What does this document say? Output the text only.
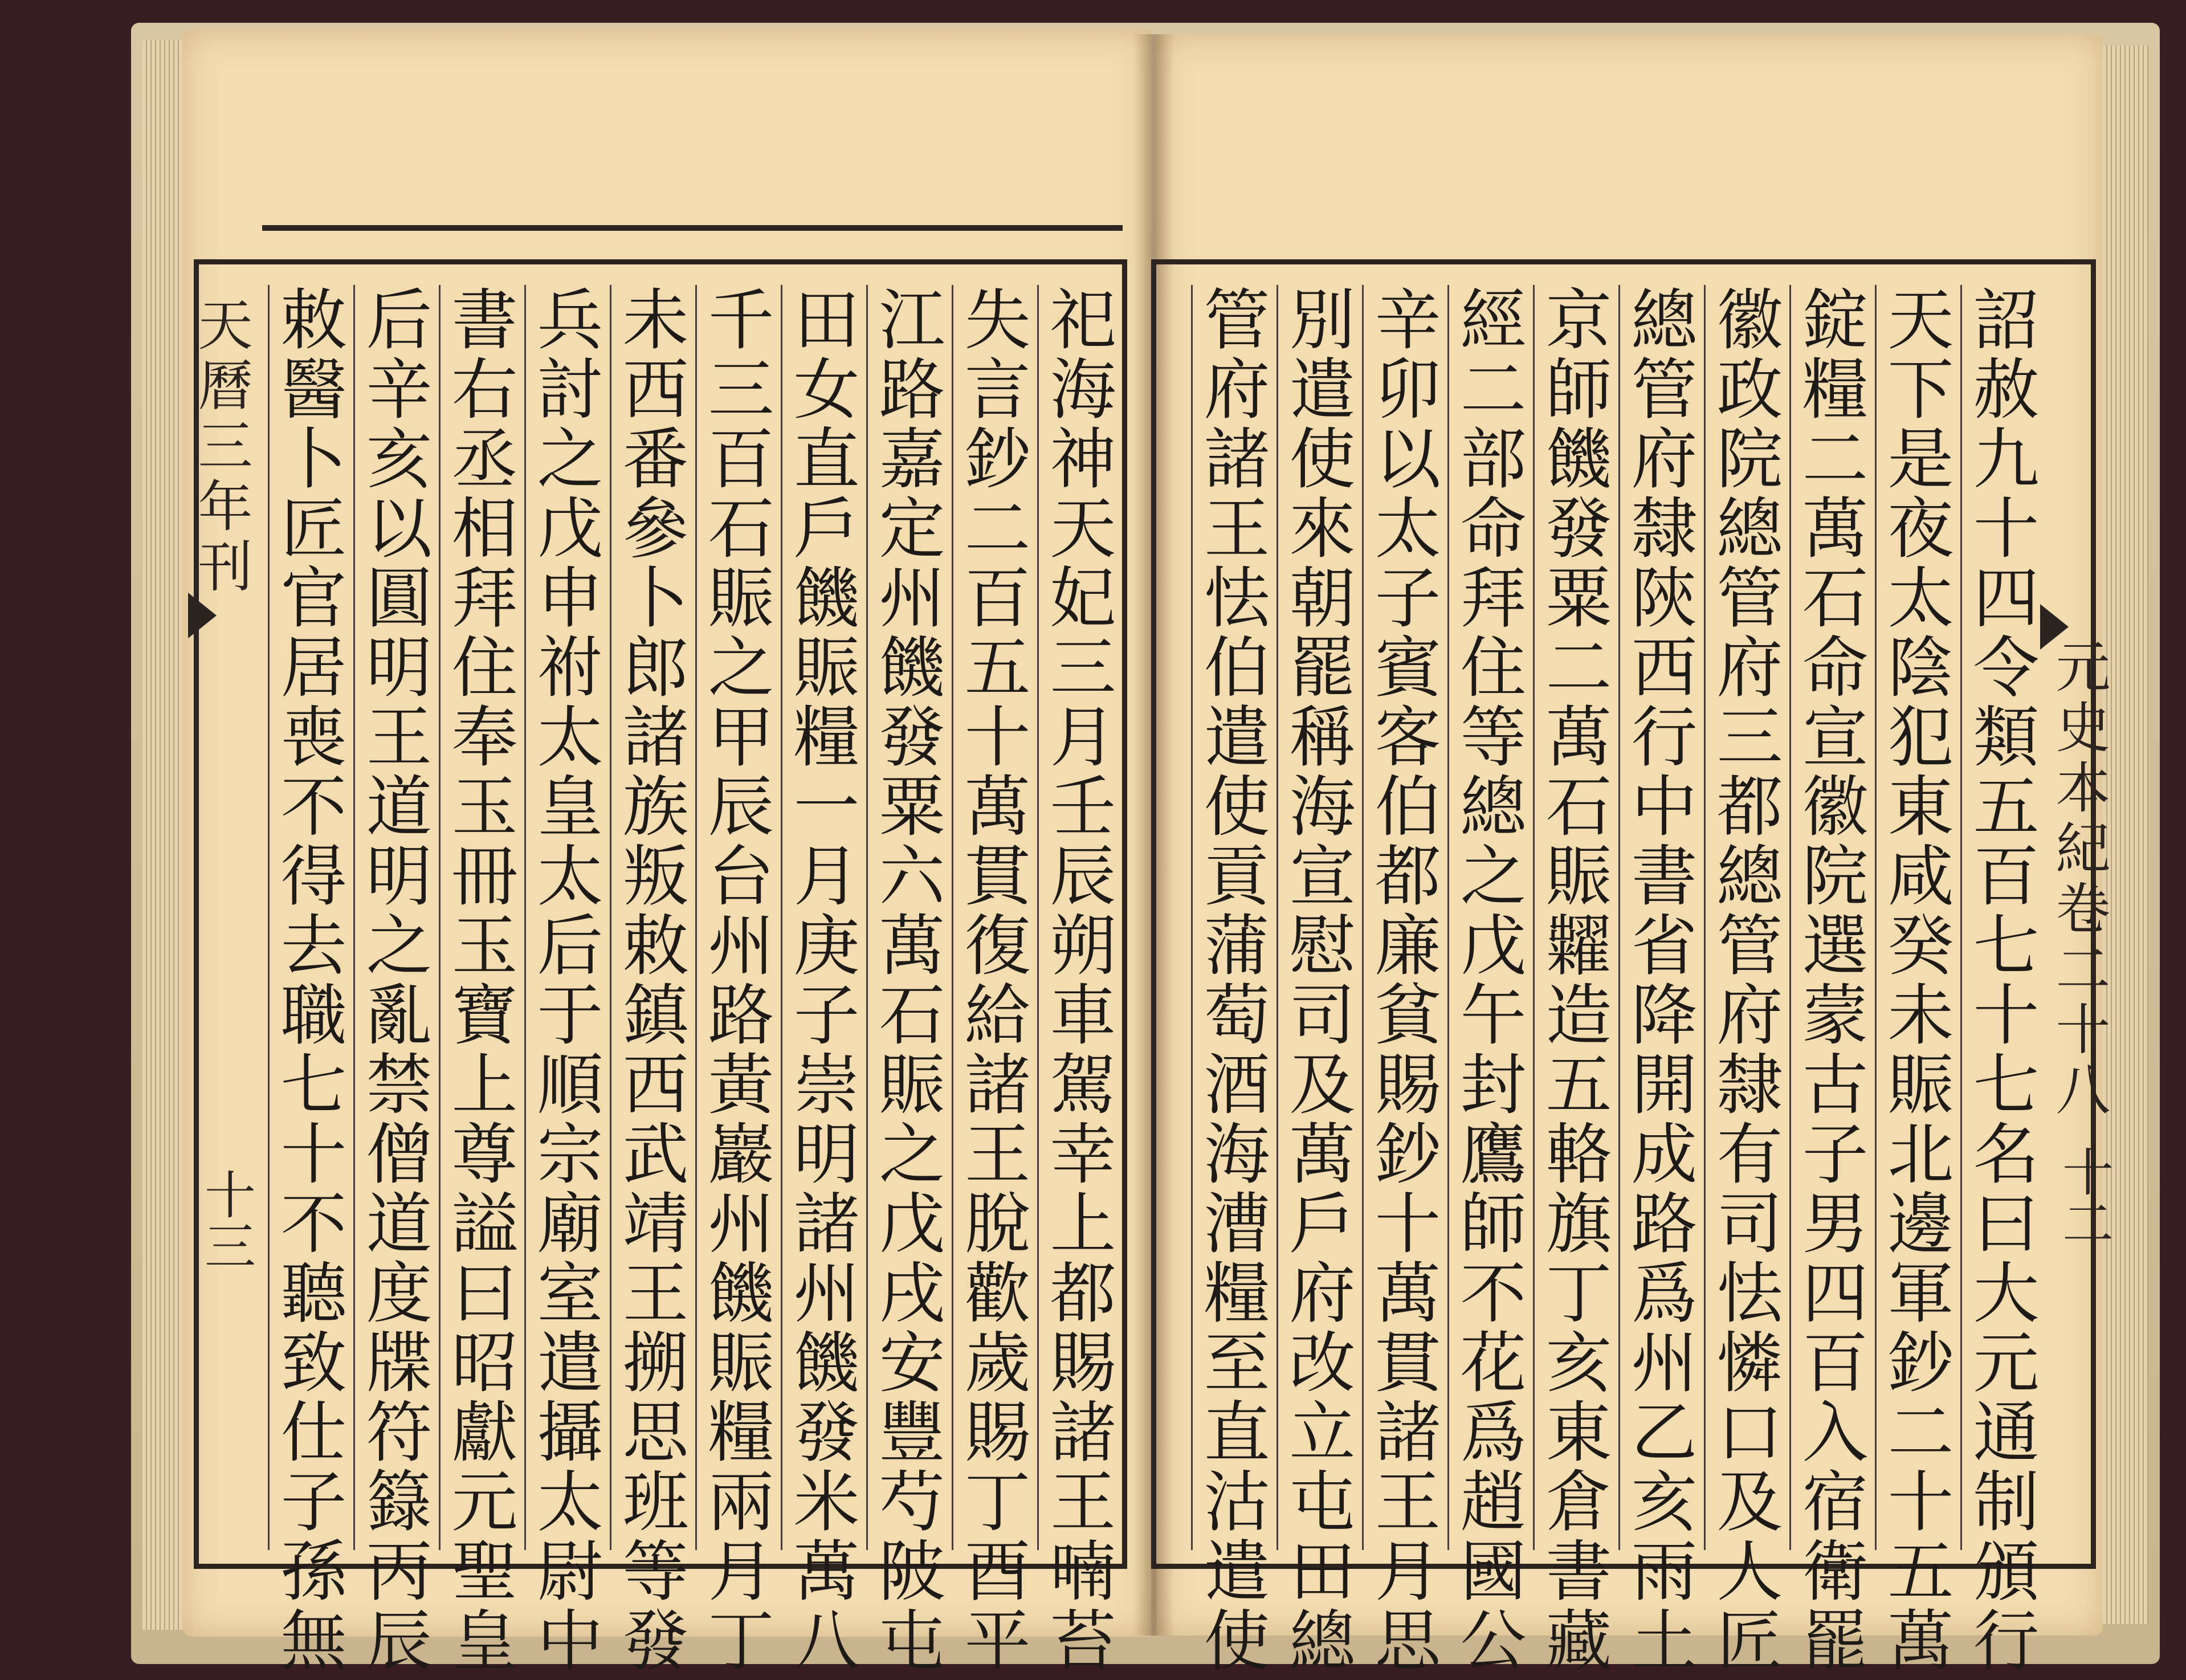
天曆三年刊
元史本紀卷二十八
十三	十二
祀海神天妃三月壬辰朔車駕幸上都賜諸王喃苔
失言鈔二百五十萬貫復給諸王脫歡歲賜丁酉平
江路嘉定州饑發粟六萬石賑之戊戌安豐芍陂屯
田女直戶饑賑糧一月庚子崇明諸州饑發米萬八
千三百石賑之甲辰台州路黃巖州饑賑糧兩月丁
未西番參卜郎諸族叛敕鎮西武靖王搠思班等發
兵討之戊申祔太皇太后于順宗廟室遣攝太尉中
書右丞相拜住奉玉冊玉寶上尊謚曰昭獻元聖皇
后辛亥以圓明王道明之亂禁僧道度牒符籙丙辰
敕醫卜匠官居喪不得去職七十不聽致仕子孫無	詔赦九十四令類五百七十七名曰大元通制頒行
天下是夜太陰犯東咸癸未賑北邊軍鈔二十五萬
錠糧二萬石命宣徽院選蒙古子男四百入宿衛罷
徽政院總管府三都總管府隸有司怯憐口及人匠
總管府隸陝西行中書省降開成路爲州乙亥雨土
京師饑發粟二萬石賑糶造五輅旗丁亥東倉書藏
經二部命拜住等總之戊午封鷹師不花爲趙國公
辛卯以太子賓客伯都廉貧賜鈔十萬貫諸王月思
別遣使來朝罷稱海宣慰司及萬戶府改立屯田總
管府諸王怯伯遣使貢蒲萄酒海漕糧至直沽遣使
